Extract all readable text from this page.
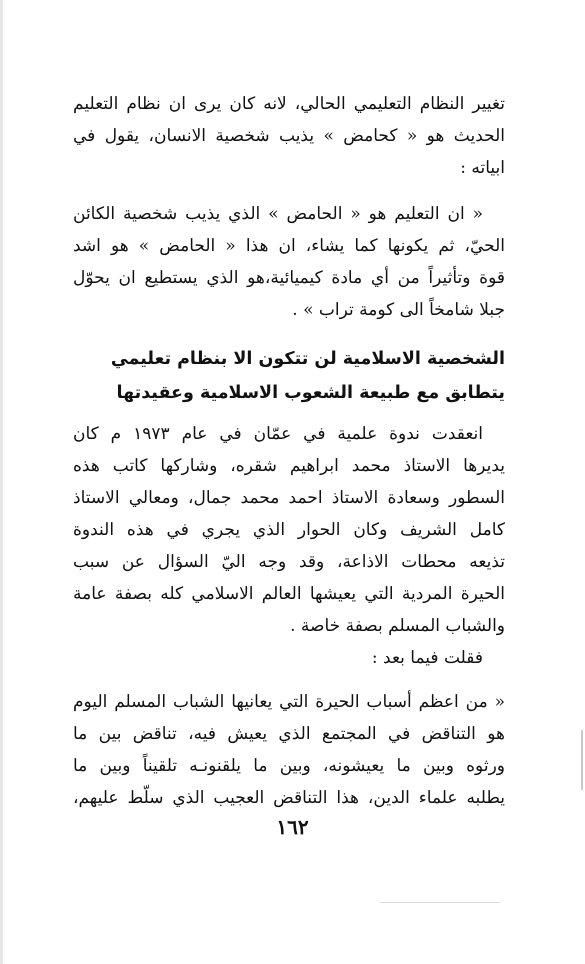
تغيير النظام التعليمي الحالي، لانه كان يرى ان نظام التعليم
الحديث هو « كحامض » يذيب شخصية الانسان، يقول في
ابياته :
« ان التعليم هو « الحامض » الذي يذيب شخصية الكائن
الحيّ، ثم يكونها كما يشاء، ان هذا « الحامض » هو اشد
قوة وتأثيراً من أي مادة كيميائية،هو الذي يستطيع ان يحوّل
جبلا شامخاً الى كومة تراب » .
الشخصية الاسلامية لن تتكون الا بنظام تعليمي
يتطابق مع طبيعة الشعوب الاسلامية وعقيدتها
انعقدت ندوة علمية في عمّان في عام ١٩٧٣ م كان
يديرها الاستاذ محمد ابراهيم شقره، وشاركها كاتب هذه
السطور وسعادة الاستاذ احمد محمد جمال، ومعالي الاستاذ
كامل الشريف وكان الحوار الذي يجري في هذه الندوة
تذيعه محطات الاذاعة، وقد وجه اليّ السؤال عن سبب
الحيرة المردية التي يعيشها العالم الاسلامي كله بصفة عامة
والشباب المسلم بصفة خاصة .
فقلت فيما بعد :
« من اعظم أسباب الحيرة التي يعانيها الشباب المسلم اليوم
هو التناقض في المجتمع الذي يعيش فيه، تناقض بين ما
ورثوه وبين ما يعيشونه، وبين ما يلقنونـه تلقيناً وبين ما
يطلبه علماء الدين، هذا التناقض العجيب الذي سلّط عليهم،
١٦٢
